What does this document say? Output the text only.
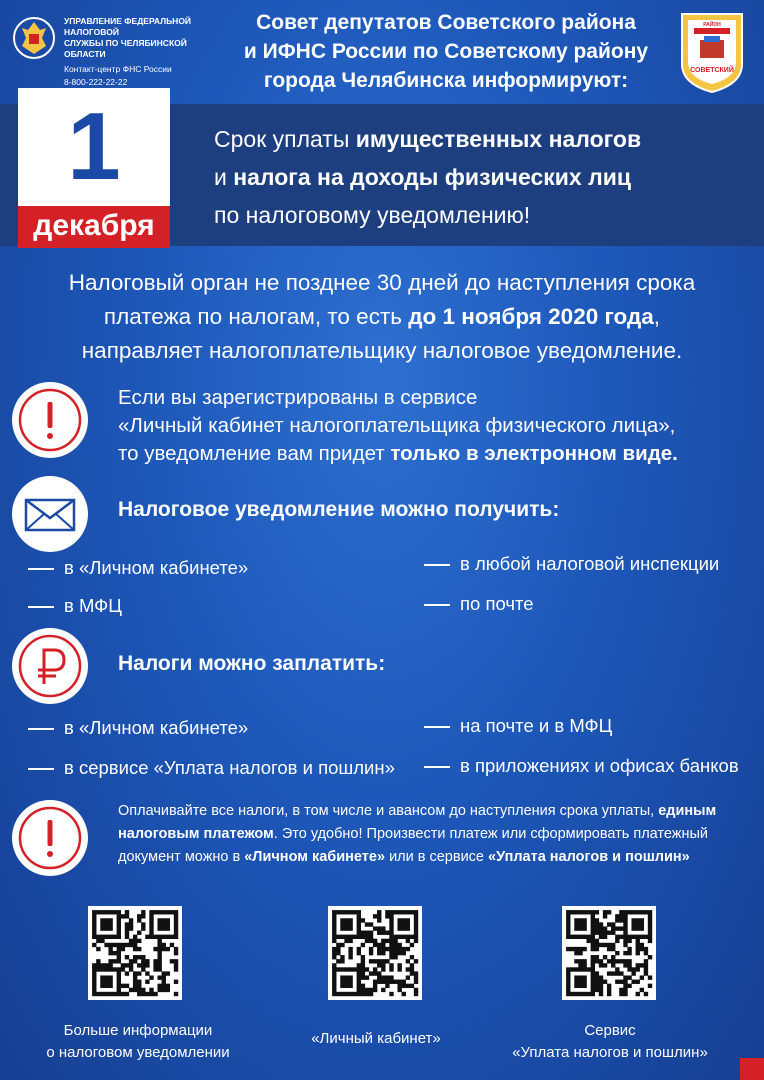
УПРАВЛЕНИЕ ФЕДЕРАЛЬНОЙ НАЛОГОВОЙ
СЛУЖБЫ ПО ЧЕЛЯБИНСКОЙ ОБЛАСТИ
Контакт-центр ФНС России
8-800-222-22-22
Совет депутатов Советского района
и ИФНС России по Советскому району
города Челябинска информируют:	СОВЕТСКИЙ
РАЙОН
1
декабря
Срок уплаты имущественных налогов
и налога на доходы физических лиц
по налоговому уведомлению!
Налоговый орган не позднее 30 дней до наступления срока
платежа по налогам, то есть до 1 ноября 2020 года,
направляет налогоплательщику налоговое уведомление.
Если вы зарегистрированы в сервисе
«Личный кабинет налогоплательщика физического лица»,
то уведомление вам придет только в электронном виде.
Налоговое уведомление можно получить:
в «Личном кабинете»
в МФЦ
в любой налоговой инспекции
по почте
Налоги можно заплатить:
в «Личном кабинете»
в сервисе «Уплата налогов и пошлин»
на почте и в МФЦ
в приложениях и офисах банков
Оплачивайте все налоги, в том числе и авансом до наступления срока уплаты, единым
налоговым платежом. Это удобно! Произвести платеж или сформировать платежный
документ можно в «Личном кабинете» или в сервисе «Уплата налогов и пошлин»
Больше информации
о налоговом уведомлении
«Личный кабинет»	Сервис
«Уплата налогов и пошлин»
